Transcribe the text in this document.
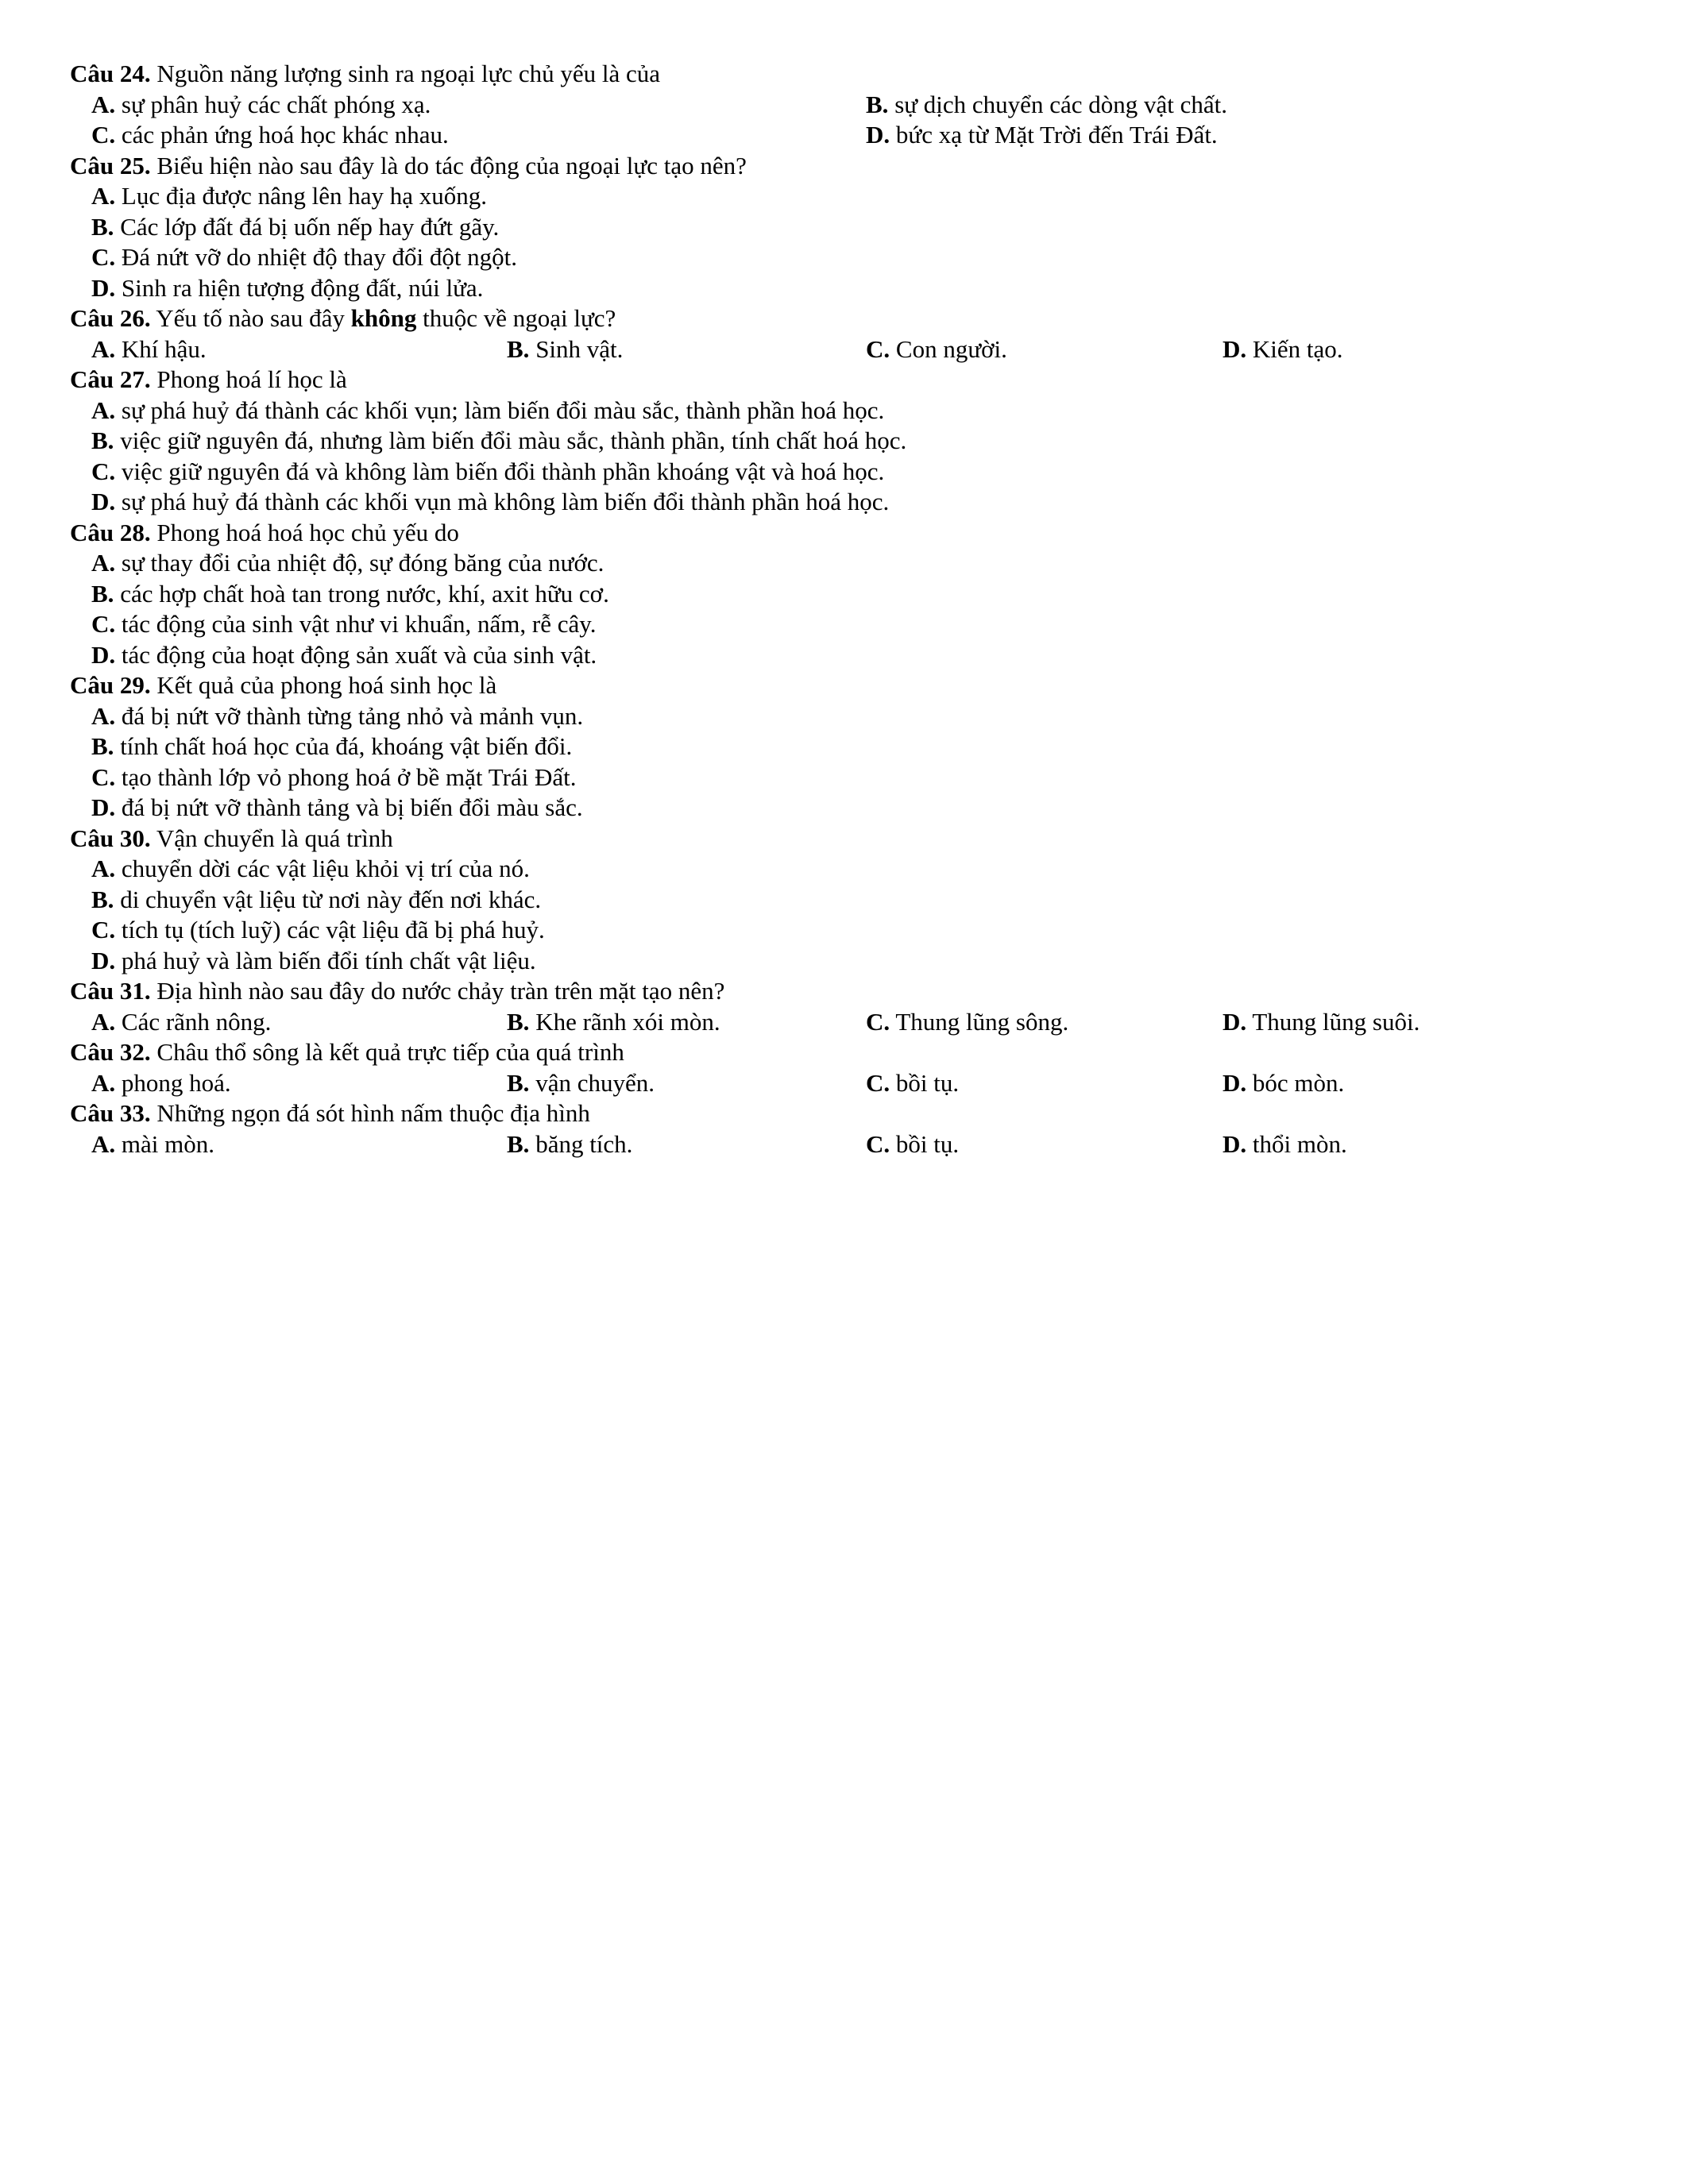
Câu 24. Nguồn năng lượng sinh ra ngoại lực chủ yếu là của

A. sự phân huỷ các chất phóng xạ.	B. sự dịch chuyển các dòng vật chất.

C. các phản ứng hoá học khác nhau.	D. bức xạ từ Mặt Trời đến Trái Đất.

Câu 25. Biểu hiện nào sau đây là do tác động của ngoại lực tạo nên?

A. Lục địa được nâng lên hay hạ xuống.

B. Các lớp đất đá bị uốn nếp hay đứt gãy.

C. Đá nứt vỡ do nhiệt độ thay đổi đột ngột.

D. Sinh ra hiện tượng động đất, núi lửa.

Câu 26. Yếu tố nào sau đây không thuộc về ngoại lực?

A. Khí hậu.	B. Sinh vật.	C. Con người.	D. Kiến tạo.

Câu 27. Phong hoá lí học là

A. sự phá huỷ đá thành các khối vụn; làm biến đổi màu sắc, thành phần hoá học.

B. việc giữ nguyên đá, nhưng làm biến đổi màu sắc, thành phần, tính chất hoá học.

C. việc giữ nguyên đá và không làm biến đổi thành phần khoáng vật và hoá học.

D. sự phá huỷ đá thành các khối vụn mà không làm biến đổi thành phần hoá học.

Câu 28. Phong hoá hoá học chủ yếu do

A. sự thay đổi của nhiệt độ, sự đóng băng của nước.

B. các hợp chất hoà tan trong nước, khí, axit hữu cơ.

C. tác động của sinh vật như vi khuẩn, nấm, rễ cây.

D. tác động của hoạt động sản xuất và của sinh vật.

Câu 29. Kết quả của phong hoá sinh học là

A. đá bị nứt vỡ thành từng tảng nhỏ và mảnh vụn.

B. tính chất hoá học của đá, khoáng vật biến đổi.

C. tạo thành lớp vỏ phong hoá ở bề mặt Trái Đất.

D. đá bị nứt vỡ thành tảng và bị biến đổi màu sắc.

Câu 30. Vận chuyển là quá trình

A. chuyển dời các vật liệu khỏi vị trí của nó.

B. di chuyển vật liệu từ nơi này đến nơi khác.

C. tích tụ (tích luỹ) các vật liệu đã bị phá huỷ.

D. phá huỷ và làm biến đổi tính chất vật liệu.

Câu 31. Địa hình nào sau đây do nước chảy tràn trên mặt tạo nên?

A. Các rãnh nông.	B. Khe rãnh xói mòn.	C. Thung lũng sông.	D. Thung lũng suôi.

Câu 32. Châu thổ sông là kết quả trực tiếp của quá trình

A. phong hoá.	B. vận chuyển.	C. bồi tụ.	D. bóc mòn.

Câu 33. Những ngọn đá sót hình nấm thuộc địa hình

A. mài mòn.	B. băng tích.	C. bồi tụ.	D. thổi mòn.
